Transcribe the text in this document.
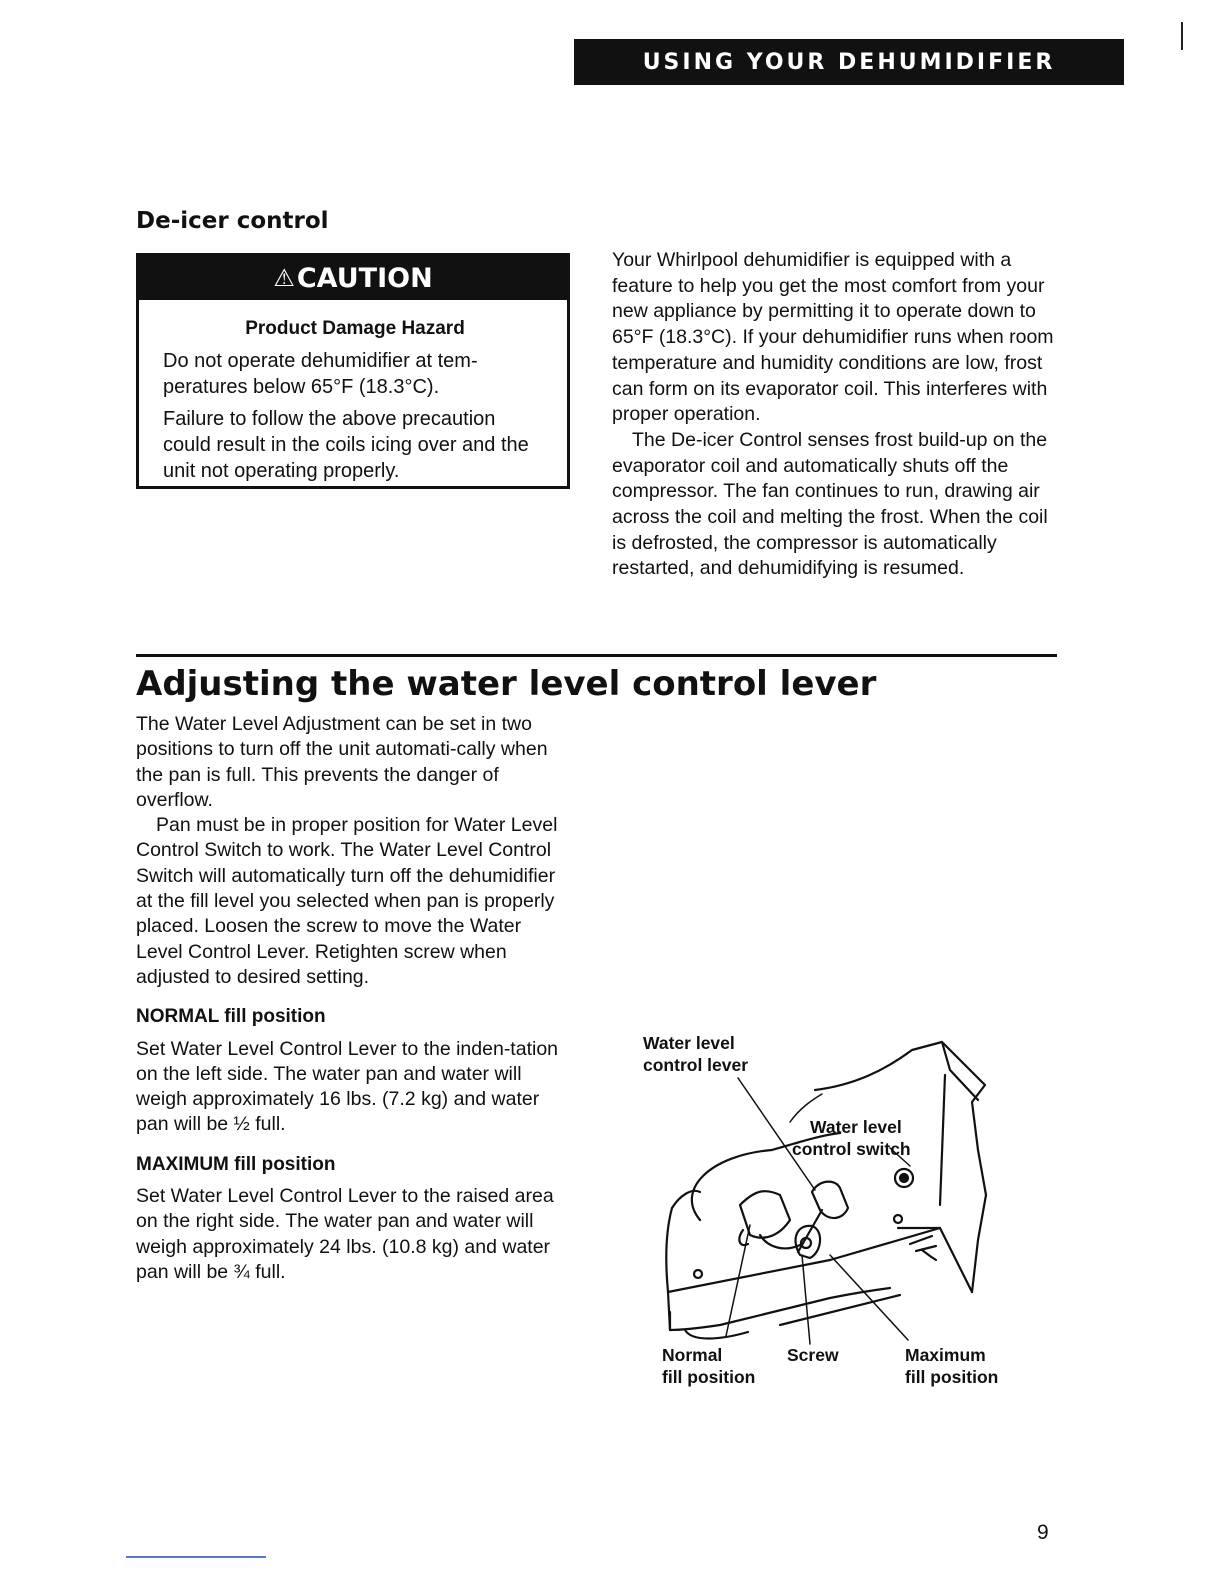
USING YOUR DEHUMIDIFIER
De-icer control
⚠ CAUTION
Product Damage Hazard

Do not operate dehumidifier at tem-peratures below 65°F (18.3°C).

Failure to follow the above precaution could result in the coils icing over and the unit not operating properly.

Your Whirlpool dehumidifier is equipped with a feature to help you get the most comfort from your new appliance by permitting it to operate down to 65°F (18.3°C). If your dehumidifier runs when room temperature and humidity conditions are low, frost can form on its evaporator coil. This interferes with proper operation.

The De-icer Control senses frost build-up on the evaporator coil and automatically shuts off the compressor. The fan continues to run, drawing air across the coil and melting the frost. When the coil is defrosted, the compressor is automatically restarted, and dehumidifying is resumed.

Adjusting the water level control lever

The Water Level Adjustment can be set in two positions to turn off the unit automati-cally when the pan is full. This prevents the danger of overflow.

Pan must be in proper position for Water Level Control Switch to work. The Water Level Control Switch will automatically turn off the dehumidifier at the fill level you selected when pan is properly placed. Loosen the screw to move the Water Level Control Lever. Retighten screw when adjusted to desired setting.

NORMAL fill position

Set Water Level Control Lever to the inden-tation on the left side. The water pan and water will weigh approximately 16 lbs. (7.2 kg) and water pan will be ½ full.

MAXIMUM fill position

Set Water Level Control Lever to the raised area on the right side. The water pan and water will weigh approximately 24 lbs. (10.8 kg) and water pan will be ¾ full.

Water level
control lever
Water level
control switch
Normal
fill position
Screw	Maximum
fill position
9
